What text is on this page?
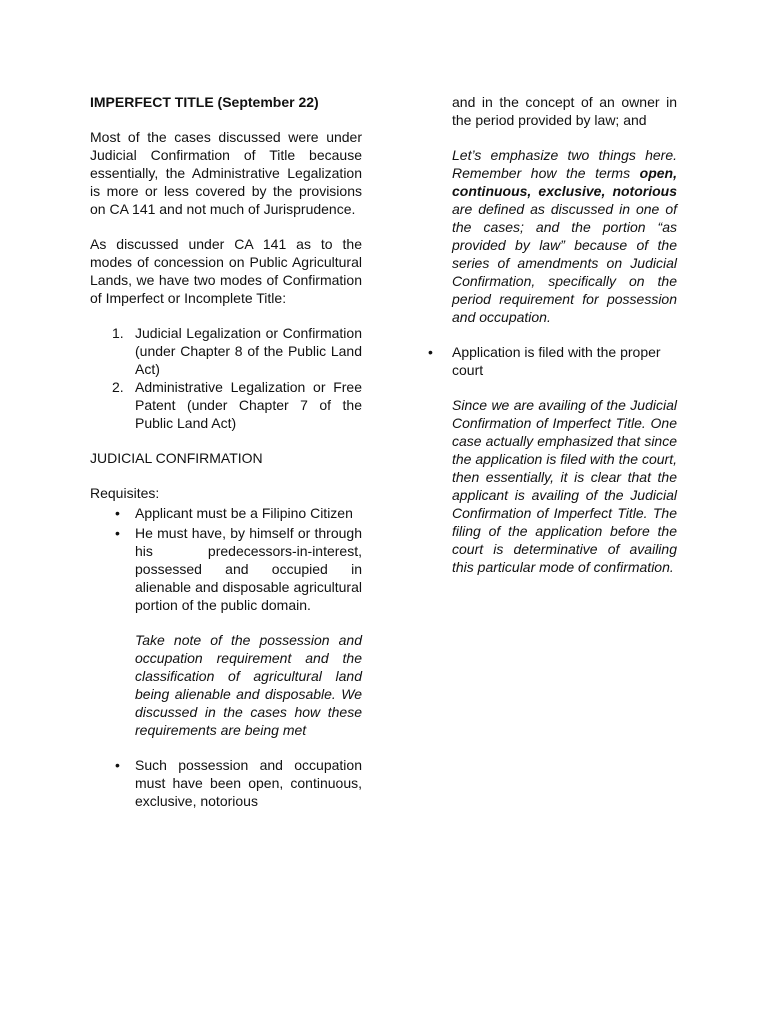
IMPERFECT TITLE (September 22)

Most of the cases discussed were under Judicial Confirmation of Title because essentially, the Administrative Legalization is more or less covered by the provisions on CA 141 and not much of Jurisprudence.

As discussed under CA 141 as to the modes of concession on Public Agricultural Lands, we have two modes of Confirmation of Imperfect or Incomplete Title:

1. Judicial Legalization or Confirmation (under Chapter 8 of the Public Land Act)
2. Administrative Legalization or Free Patent (under Chapter 7 of the Public Land Act)

JUDICIAL CONFIRMATION

Requisites:

• Applicant must be a Filipino Citizen
• He must have, by himself or through his predecessors-in-interest, possessed and occupied in alienable and disposable agricultural portion of the public domain.
Take note of the possession and occupation requirement and the classification of agricultural land being alienable and disposable. We discussed in the cases how these requirements are being met
• Such possession and occupation must have been open, continuous, exclusive, notorious

and in the concept of an owner in the period provided by law; and

Let’s emphasize two things here. Remember how the terms open, continuous, exclusive, notorious are defined as discussed in one of the cases; and the portion “as provided by law” because of the series of amendments on Judicial Confirmation, specifically on the period requirement for possession and occupation.

• Application is filed with the proper court

Since we are availing of the Judicial Confirmation of Imperfect Title. One case actually emphasized that since the application is filed with the court, then essentially, it is clear that the applicant is availing of the Judicial Confirmation of Imperfect Title. The filing of the application before the court is determinative of availing this particular mode of confirmation.
